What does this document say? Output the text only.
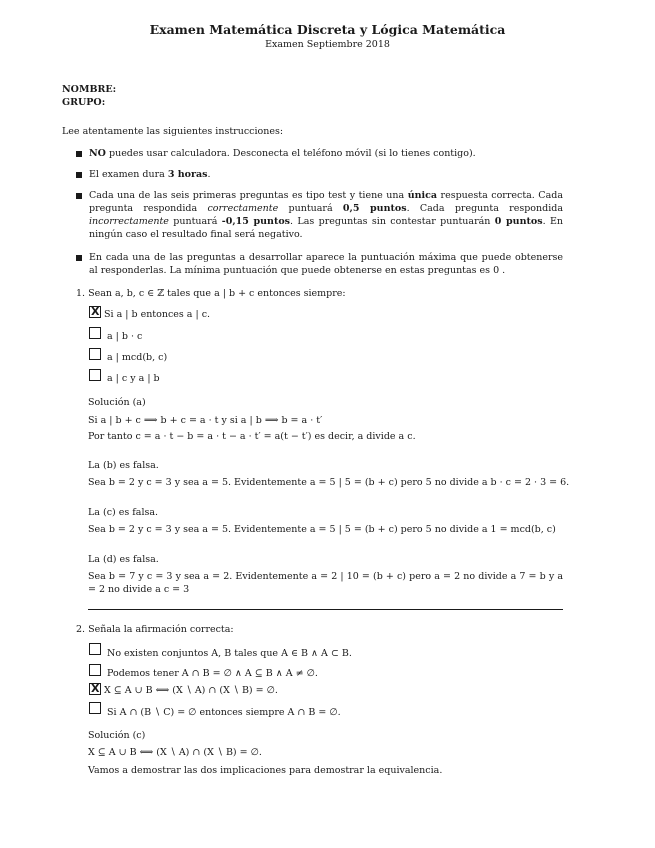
Examen Matemática Discreta y Lógica Matemática
Examen Septiembre 2018
NOMBRE:
GRUPO:
Lee atentamente las siguientes instrucciones:
NO puedes usar calculadora. Desconecta el teléfono móvil (si lo tienes contigo).
El examen dura 3 horas.
Cada una de las seis primeras preguntas es tipo test y tiene una única respuesta correcta. Cada pregunta respondida correctamente puntuará 0,5 puntos. Cada pregunta respondida incorrectamente puntuará -0,15 puntos. Las preguntas sin contestar puntuarán 0 puntos. En ningún caso el resultado final será negativo.
En cada una de las preguntas a desarrollar aparece la puntuación máxima que puede obtenerse al responderlas. La mínima puntuación que puede obtenerse en estas preguntas es 0 .
1. Sean a, b, c ∈ ℤ tales que a | b + c entonces siempre:
X
Si a | b entonces a | c.
a | b · c
a | mcd(b, c)
a | c y a | b
Solución (a)
Si a | b + c ⟹ b + c = a · t y si a | b ⟹ b = a · t′
Por tanto c = a · t − b = a · t − a · t′ = a(t − t′) es decir, a divide a c.
La (b) es falsa.
Sea b = 2 y c = 3 y sea a = 5. Evidentemente a = 5 | 5 = (b + c) pero 5 no divide a b · c = 2 · 3 = 6.
La (c) es falsa.
Sea b = 2 y c = 3 y sea a = 5. Evidentemente a = 5 | 5 = (b + c) pero 5 no divide a 1 = mcd(b, c)
La (d) es falsa.
Sea b = 7 y c = 3 y sea a = 2. Evidentemente a = 2 | 10 = (b + c) pero a = 2 no divide a 7 = b y a = 2 no divide a c = 3
2. Señala la afirmación correcta:
No existen conjuntos A, B tales que A ∈ B ∧ A ⊂ B.
Podemos tener A ∩ B = ∅ ∧ A ⊆ B ∧ A ≠ ∅.
X
X ⊆ A ∪ B ⟺ (X ∖ A) ∩ (X ∖ B) = ∅.
Si A ∩ (B ∖ C) = ∅ entonces siempre A ∩ B = ∅.
Solución (c)
X ⊆ A ∪ B ⟺ (X ∖ A) ∩ (X ∖ B) = ∅.
Vamos a demostrar las dos implicaciones para demostrar la equivalencia.
